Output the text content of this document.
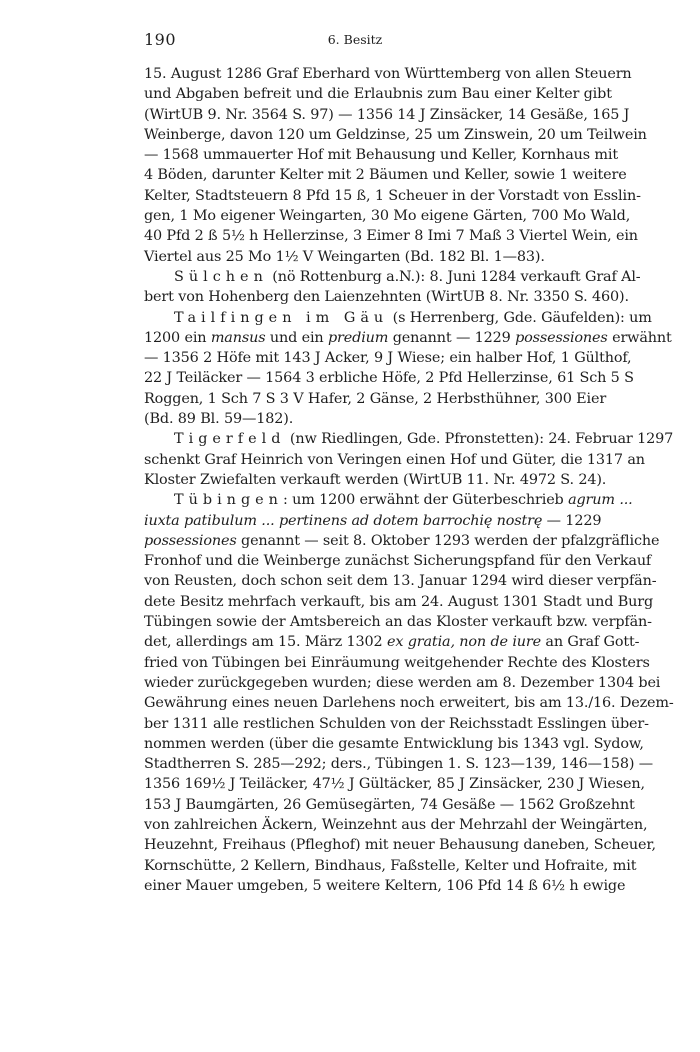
190	6. Besitz
15. August 1286 Graf Eberhard von Württemberg von allen Steuern
und Abgaben befreit und die Erlaubnis zum Bau einer Kelter gibt
(WirtUB 9. Nr. 3564 S. 97) — 1356 14 J Zinsäcker, 14 Gesäße, 165 J
Weinberge, davon 120 um Geldzinse, 25 um Zinswein, 20 um Teilwein
— 1568 ummauerter Hof mit Behausung und Keller, Kornhaus mit
4 Böden, darunter Kelter mit 2 Bäumen und Keller, sowie 1 weitere
Kelter, Stadtsteuern 8 Pfd 15 ß, 1 Scheuer in der Vorstadt von Esslin-
gen, 1 Mo eigener Weingarten, 30 Mo eigene Gärten, 700 Mo Wald,
40 Pfd 2 ß 5½ h Hellerzinse, 3 Eimer 8 Imi 7 Maß 3 Viertel Wein, ein
Viertel aus 25 Mo 1½ V Weingarten (Bd. 182 Bl. 1—83).
Sülchen (nö Rottenburg a.N.): 8. Juni 1284 verkauft Graf Al-
bert von Hohenberg den Laienzehnten (WirtUB 8. Nr. 3350 S. 460).
Tailfingen im Gäu (s Herrenberg, Gde. Gäufelden): um
1200 ein mansus und ein predium genannt — 1229 possessiones erwähnt
— 1356 2 Höfe mit 143 J Acker, 9 J Wiese; ein halber Hof, 1 Gülthof,
22 J Teiläcker — 1564 3 erbliche Höfe, 2 Pfd Hellerzinse, 61 Sch 5 S
Roggen, 1 Sch 7 S 3 V Hafer, 2 Gänse, 2 Herbsthühner, 300 Eier
(Bd. 89 Bl. 59—182).
Tigerfeld (nw Riedlingen, Gde. Pfronstetten): 24. Februar 1297
schenkt Graf Heinrich von Veringen einen Hof und Güter, die 1317 an
Kloster Zwiefalten verkauft werden (WirtUB 11. Nr. 4972 S. 24).
Tübingen: um 1200 erwähnt der Güterbeschrieb agrum ...
iuxta patibulum ... pertinens ad dotem barrochię nostrę — 1229
possessiones genannt — seit 8. Oktober 1293 werden der pfalzgräfliche
Fronhof und die Weinberge zunächst Sicherungspfand für den Verkauf
von Reusten, doch schon seit dem 13. Januar 1294 wird dieser verpfän-
dete Besitz mehrfach verkauft, bis am 24. August 1301 Stadt und Burg
Tübingen sowie der Amtsbereich an das Kloster verkauft bzw. verpfän-
det, allerdings am 15. März 1302 ex gratia, non de iure an Graf Gott-
fried von Tübingen bei Einräumung weitgehender Rechte des Klosters
wieder zurückgegeben wurden; diese werden am 8. Dezember 1304 bei
Gewährung eines neuen Darlehens noch erweitert, bis am 13./16. Dezem-
ber 1311 alle restlichen Schulden von der Reichsstadt Esslingen über-
nommen werden (über die gesamte Entwicklung bis 1343 vgl. Sydow,
Stadtherren S. 285—292; ders., Tübingen 1. S. 123—139, 146—158) —
1356 169½ J Teiläcker, 47½ J Gültäcker, 85 J Zinsäcker, 230 J Wiesen,
153 J Baumgärten, 26 Gemüsegärten, 74 Gesäße — 1562 Großzehnt
von zahlreichen Äckern, Weinzehnt aus der Mehrzahl der Weingärten,
Heuzehnt, Freihaus (Pfleghof) mit neuer Behausung daneben, Scheuer,
Kornschütte, 2 Kellern, Bindhaus, Faßstelle, Kelter und Hofraite, mit
einer Mauer umgeben, 5 weitere Keltern, 106 Pfd 14 ß 6½ h ewige
